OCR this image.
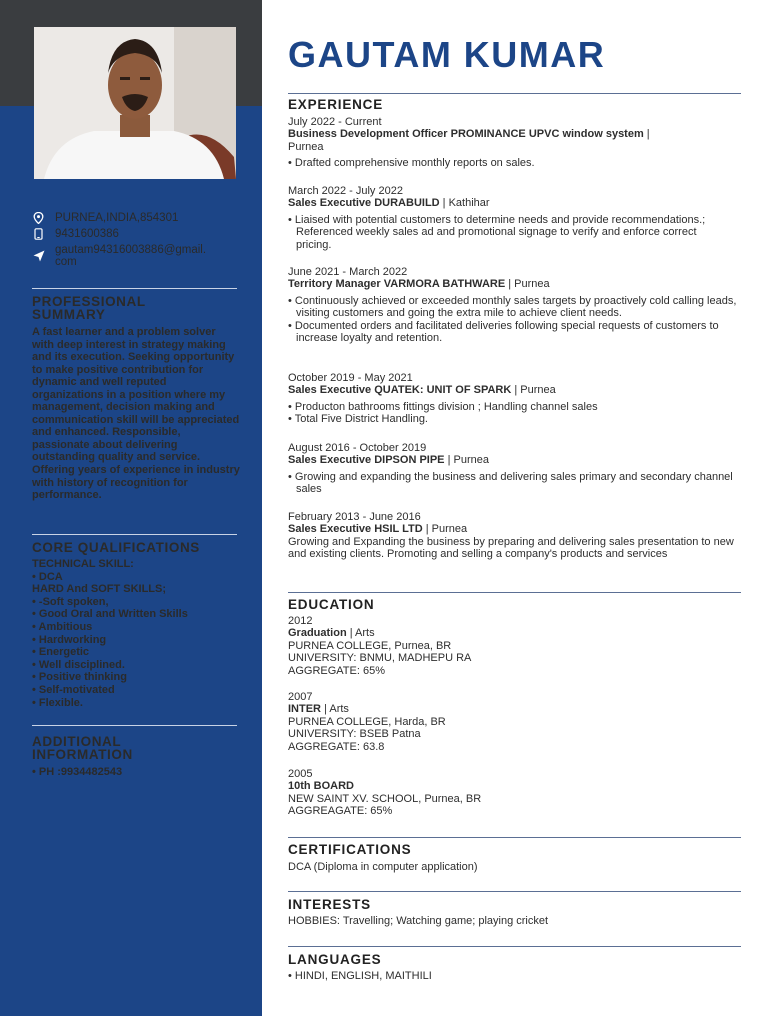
PURNEA,INDIA,854301
9431600386
gautam94316003886@gmail.
com
PROFESSIONAL
SUMMARY
A fast learner and a problem solver with deep interest in strategy making and its execution. Seeking opportunity to make positive contribution for dynamic and well reputed organizations in a position where my management, decision making and communication skill will be appreciated and enhanced. Responsible, passionate about delivering outstanding quality and service. Offering years of experience in industry with history of recognition for performance.
CORE QUALIFICATIONS
TECHNICAL SKILL:
• DCA
HARD And SOFT SKILLS;
• -Soft spoken,
• Good Oral and Written Skills
• Ambitious
• Hardworking
• Energetic
• Well disciplined.
• Positive thinking
• Self-motivated
• Flexible.
ADDITIONAL
INFORMATION
• PH :9934482543
GAUTAM KUMAR
EXPERIENCE
July 2022 - Current
Business Development Officer PROMINANCE UPVC window system |
Purnea
• Drafted comprehensive monthly reports on sales.
March 2022 - July 2022
Sales Executive DURABUILD | Kathihar
• Liaised with potential customers to determine needs and provide recommendations.; Referenced weekly sales ad and promotional signage to verify and enforce correct pricing.
June 2021 - March 2022
Territory Manager VARMORA BATHWARE | Purnea
• Continuously achieved or exceeded monthly sales targets by proactively cold calling leads, visiting customers and going the extra mile to achieve client needs.
• Documented orders and facilitated deliveries following special requests of customers to increase loyalty and retention.
October 2019 - May 2021
Sales Executive QUATEK: UNIT OF SPARK | Purnea
• Producton bathrooms fittings division ; Handling channel sales
• Total Five District Handling.
August 2016 - October 2019
Sales Executive DIPSON PIPE | Purnea
• Growing and expanding the business and delivering sales primary and secondary channel sales
February 2013 - June 2016
Sales Executive HSIL LTD | Purnea
Growing and Expanding the business by preparing and delivering sales presentation to new and existing clients. Promoting and selling a company's products and services
EDUCATION
2012
Graduation | Arts
PURNEA COLLEGE, Purnea, BR
UNIVERSITY: BNMU, MADHEPU RA
AGGREGATE: 65%
2007
INTER | Arts
PURNEA COLLEGE, Harda, BR
UNIVERSITY: BSEB Patna
AGGREGATE: 63.8
2005
10th BOARD
NEW SAINT XV. SCHOOL, Purnea, BR
AGGREAGATE: 65%
CERTIFICATIONS
DCA (Diploma in computer application)
INTERESTS
HOBBIES: Travelling; Watching game; playing cricket
LANGUAGES
• HINDI, ENGLISH, MAITHILI
